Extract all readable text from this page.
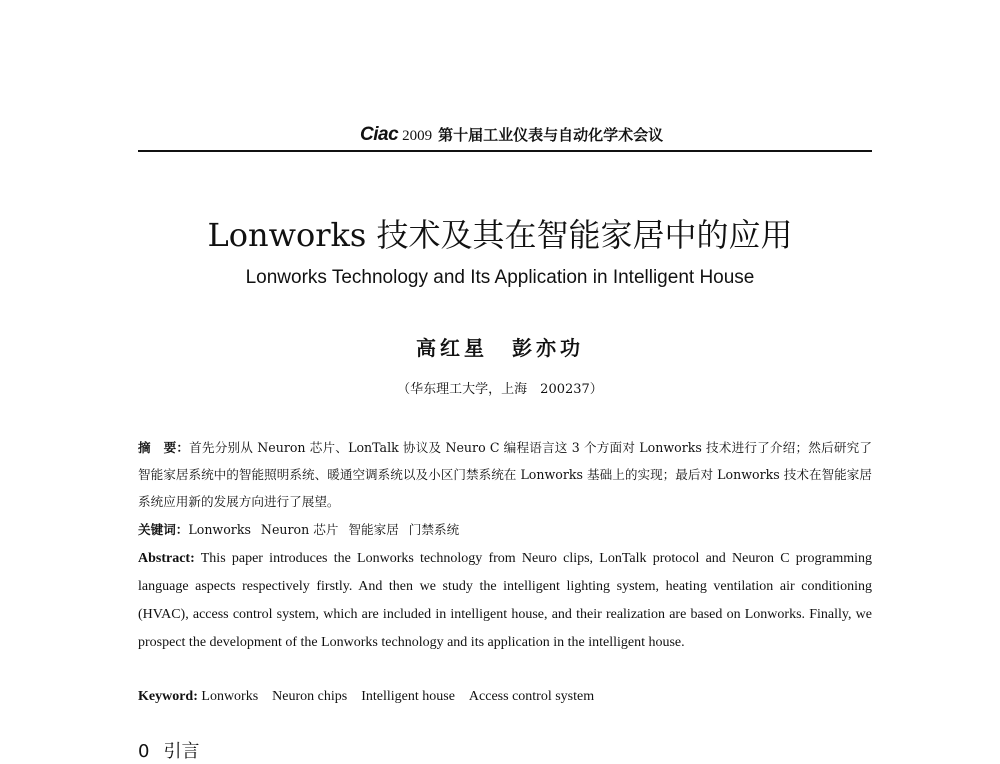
Ciac 2009 第十届工业仪表与自动化学术会议
Lonworks 技术及其在智能家居中的应用
Lonworks Technology and Its Application in Intelligent House
高红星　彭亦功
（华东理工大学，上海　200237）
摘　要：首先分别从 Neuron 芯片、LonTalk 协议及 Neuro C 编程语言这 3 个方面对 Lonworks 技术进行了介绍；然后研究了智能家居系统中的智能照明系统、暖通空调系统以及小区门禁系统在 Lonworks 基础上的实现；最后对 Lonworks 技术在智能家居系统应用新的发展方向进行了展望。
关键词：Lonworks Neuron 芯片 智能家居 门禁系统
Abstract: This paper introduces the Lonworks technology from Neuro clips, LonTalk protocol and Neuron C programming language aspects respectively firstly. And then we study the intelligent lighting system, heating ventilation air conditioning (HVAC), access control system, which are included in intelligent house, and their realization are based on Lonworks. Finally, we prospect the development of the Lonworks technology and its application in the intelligent house.
Keyword: Lonworks Neuron chips Intelligent house Access control system
0 引言
